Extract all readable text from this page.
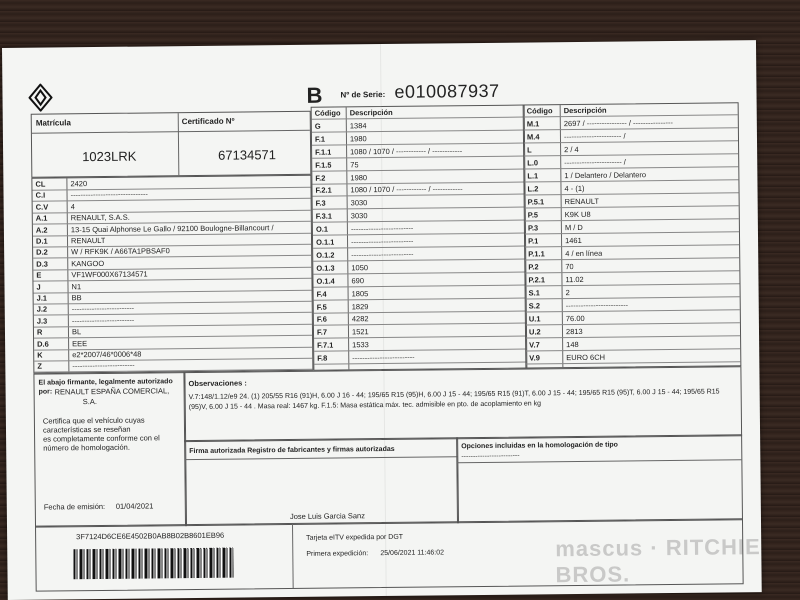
B Nº de Serie: e010087937
Matrícula	Certificado Nº
1023LRK	67134571
CL	2420
C.I	-------------------------------
C.V	4
A.1	RENAULT, S.A.S.
A.2	13-15 Quai Alphonse Le Gallo / 92100 Boulogne-Billancourt /
D.1	RENAULT
D.2	W / RFK9K / A66TA1PBSAF0
D.3	KANGOO
E	VF1WF000X67134571
J	N1
J.1	BB
J.2	-------------------------
J.3	-------------------------
R	BL
D.6	EEE
K	e2*2007/46*0006*48
Z	-------------------------
Código Descripción
G	1384
F.1	1980
F.1.1 1080 / 1070 / ------------ / ------------
F.1.5 75
F.2	1980
F.2.1 1080 / 1070 / ------------ / ------------
F.3	3030
F.3.1 3030
O.1	-------------------------
O.1.1 -------------------------
O.1.2 -------------------------
O.1.3 1050
O.1.4 690
F.4	1805
F.5	1829
F.6	4282
F.7	1521
F.7.1 1533
F.8	-------------------------
Código Descripción
M.1	2697 / ---------------- / ----------------
M.4	----------------------- /
L	2 / 4
L.0	----------------------- /
L.1	1 / Delantero / Delantero
L.2	4 - (1)
P.5.1	RENAULT
P.5	K9K U8
P.3	M / D
P.1	1461
P.1.1	4 / en línea
P.2	70
P.2.1	11.02
S.1	2
S.2	-------------------------
U.1	76.00
U.2	2813
V.7	148
V.9	EURO 6CH
El abajo firmante, legalmente autorizado
por: RENAULT ESPAÑA COMERCIAL,
S.A.
Certifica que el vehículo cuyas
características se reseñan
es completamente conforme con el
número de homologación.
Fecha de emisión: 01/04/2021
Observaciones :
V.7:148/1.12/e9 24. (1) 205/55 R16 (91)H, 6.00 J 16 - 44; 195/65 R15 (95)H, 6.00 J 15 - 44; 195/65 R15 (91)T, 6.00 J 15 - 44; 195/65 R15 (95)T, 6.00 J 15 - 44; 195/65 R15
(95)V, 6.00 J 15 - 44 . Masa real: 1467 kg. F.1.5: Masa estática máx. tec. admisible en pto. de acoplamiento en kg
Firma autorizada Registro de fabricantes y firmas autorizadas
Jose Luis Garcia Sanz
Opciones incluidas en la homologación de tipo
-------------------------
3F7124D6CE6E4502B0AB8B02B8601EB96	Tarjeta eITV expedida por DGT
Primera expedición: 25/06/2021 11:46:02	mascus · RITCHIE BROS.
